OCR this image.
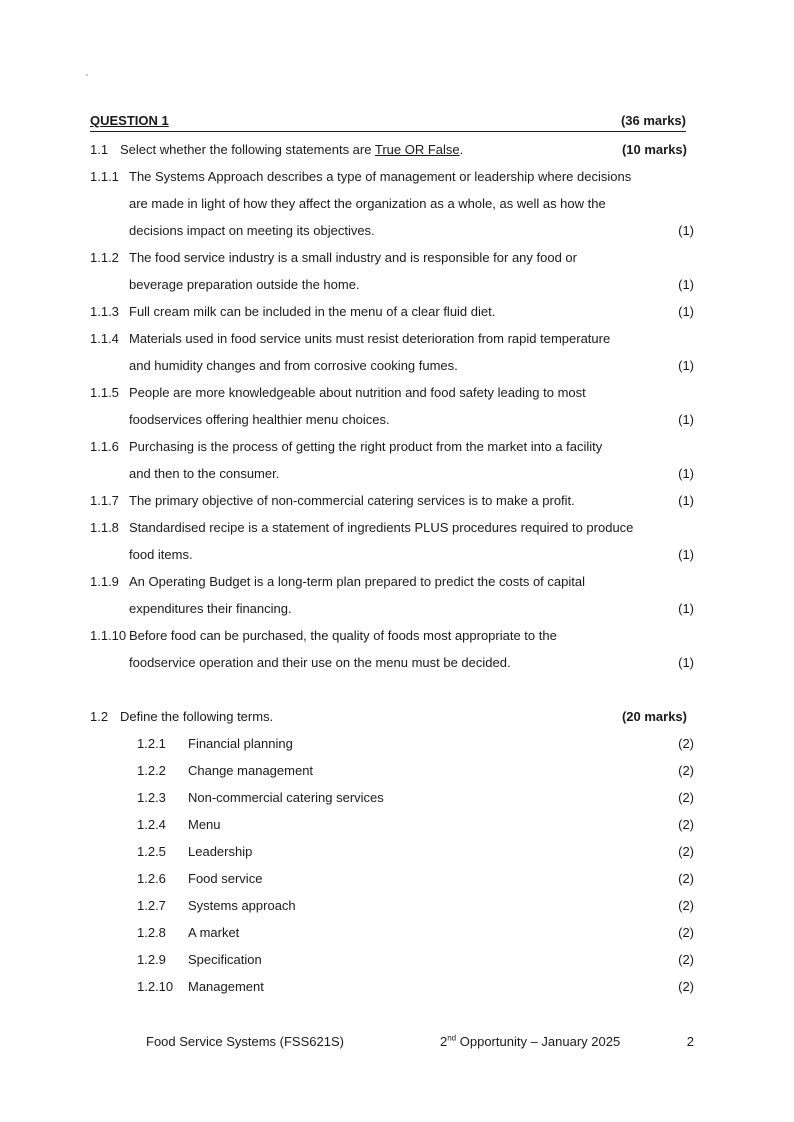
QUESTION 1	(36 marks)
1.1 Select whether the following statements are True OR False.	(10 marks)
1.1.1 The Systems Approach describes a type of management or leadership where decisions
are made in light of how they affect the organization as a whole, as well as how the
decisions impact on meeting its objectives.	(1)
1.1.2 The food service industry is a small industry and is responsible for any food or
beverage preparation outside the home.	(1)
1.1.3 Full cream milk can be included in the menu of a clear fluid diet.	(1)
1.1.4 Materials used in food service units must resist deterioration from rapid temperature
and humidity changes and from corrosive cooking fumes.	(1)
1.1.5 People are more knowledgeable about nutrition and food safety leading to most
foodservices offering healthier menu choices.	(1)
1.1.6 Purchasing is the process of getting the right product from the market into a facility
and then to the consumer.	(1)
1.1.7 The primary objective of non-commercial catering services is to make a profit.	(1)
1.1.8 Standardised recipe is a statement of ingredients PLUS procedures required to produce
food items.	(1)
1.1.9 An Operating Budget is a long-term plan prepared to predict the costs of capital
expenditures their financing.	(1)
1.1.10 Before food can be purchased, the quality of foods most appropriate to the
foodservice operation and their use on the menu must be decided.	(1)
1.2 Define the following terms.	(20 marks)
1.2.1 Financial planning	(2)
1.2.2 Change management	(2)
1.2.3 Non-commercial catering services	(2)
1.2.4 Menu	(2)
1.2.5 Leadership	(2)
1.2.6 Food service	(2)
1.2.7 Systems approach	(2)
1.2.8 A market	(2)
1.2.9 Specification	(2)
1.2.10 Management	(2)
Food Service Systems (FSS621S)	2nd Opportunity – January 2025	2
